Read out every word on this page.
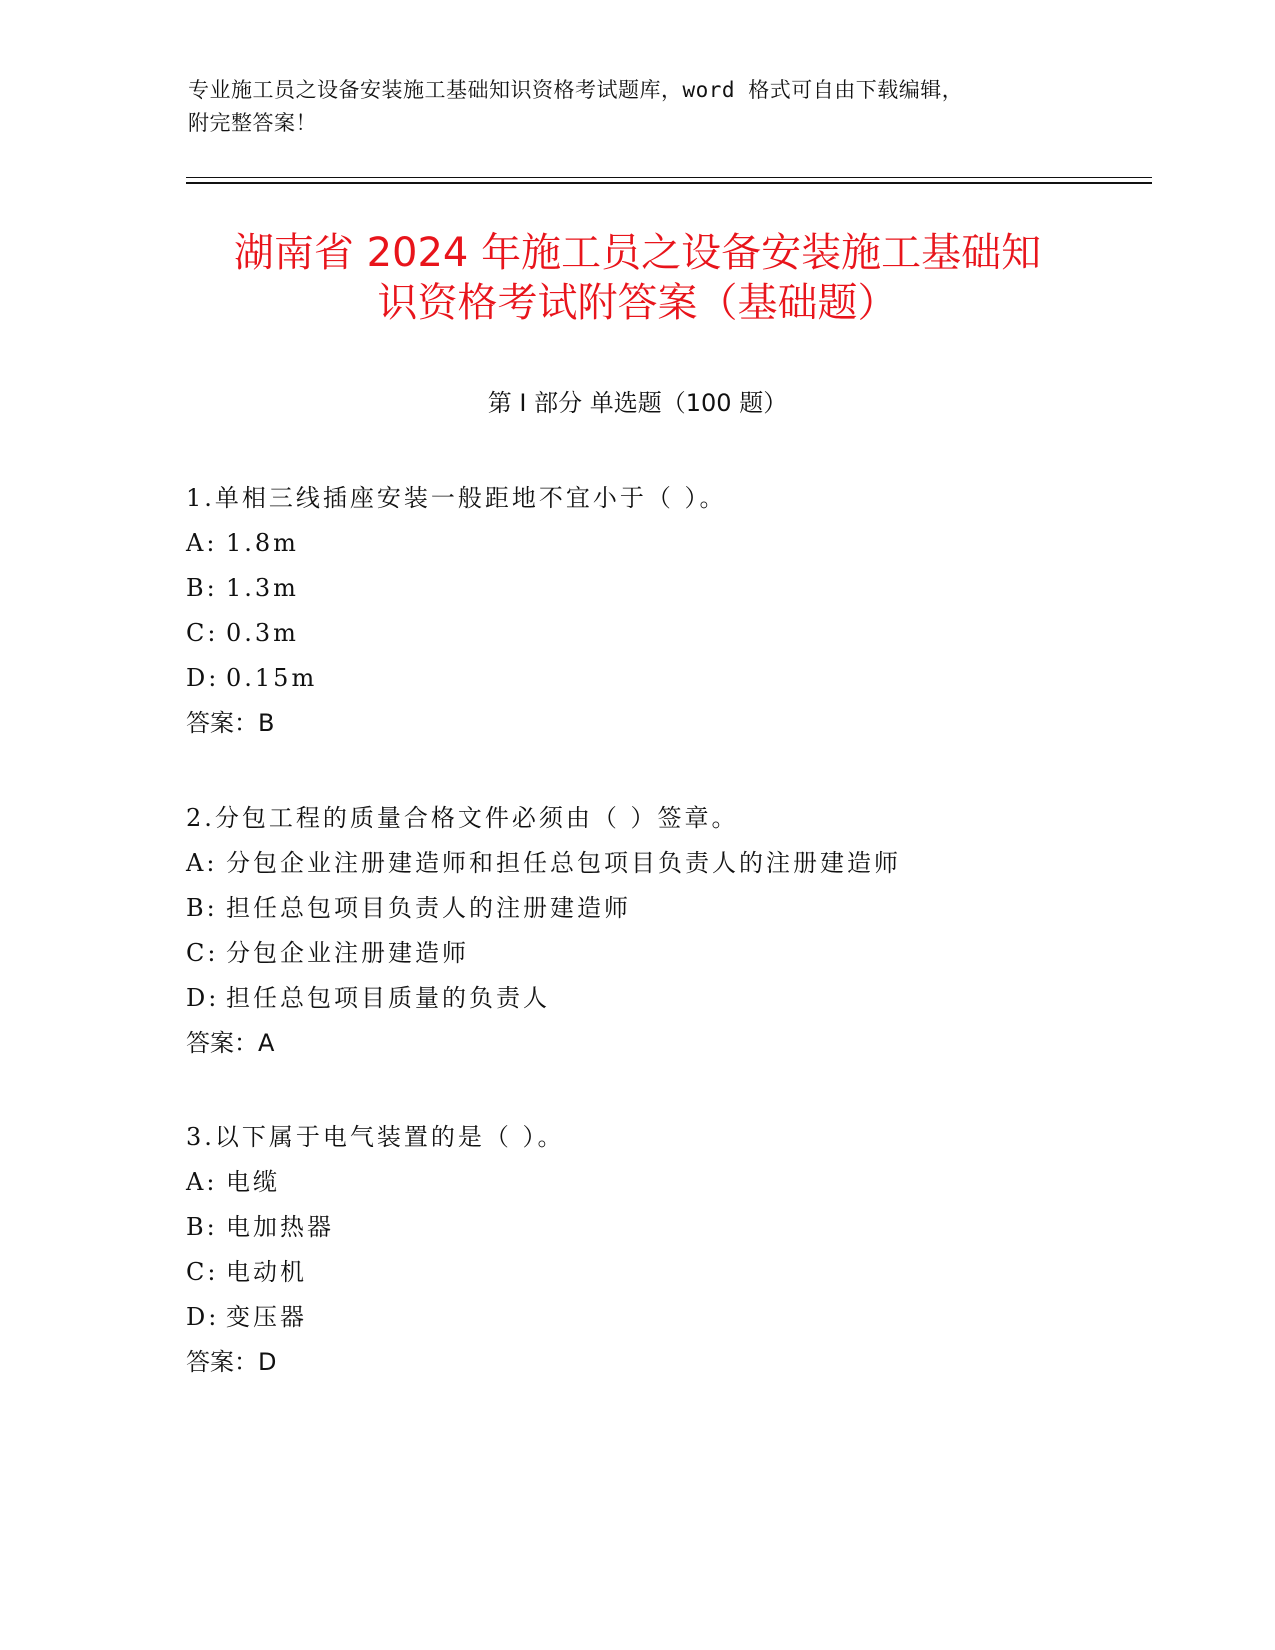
专业施工员之设备安装施工基础知识资格考试题库，word 格式可自由下载编辑，
附完整答案！
湖南省 2024 年施工员之设备安装施工基础知
识资格考试附答案（基础题）
第 I 部分 单选题（100 题）
1.单相三线插座安装一般距地不宜小于（ ）。
A: 1.8m
B: 1.3m
C: 0.3m
D: 0.15m
答案：B
2.分包工程的质量合格文件必须由（ ）签章。
A: 分包企业注册建造师和担任总包项目负责人的注册建造师
B: 担任总包项目负责人的注册建造师
C: 分包企业注册建造师
D: 担任总包项目质量的负责人
答案：A
3.以下属于电气装置的是（ ）。
A: 电缆
B: 电加热器
C: 电动机
D: 变压器
答案：D
